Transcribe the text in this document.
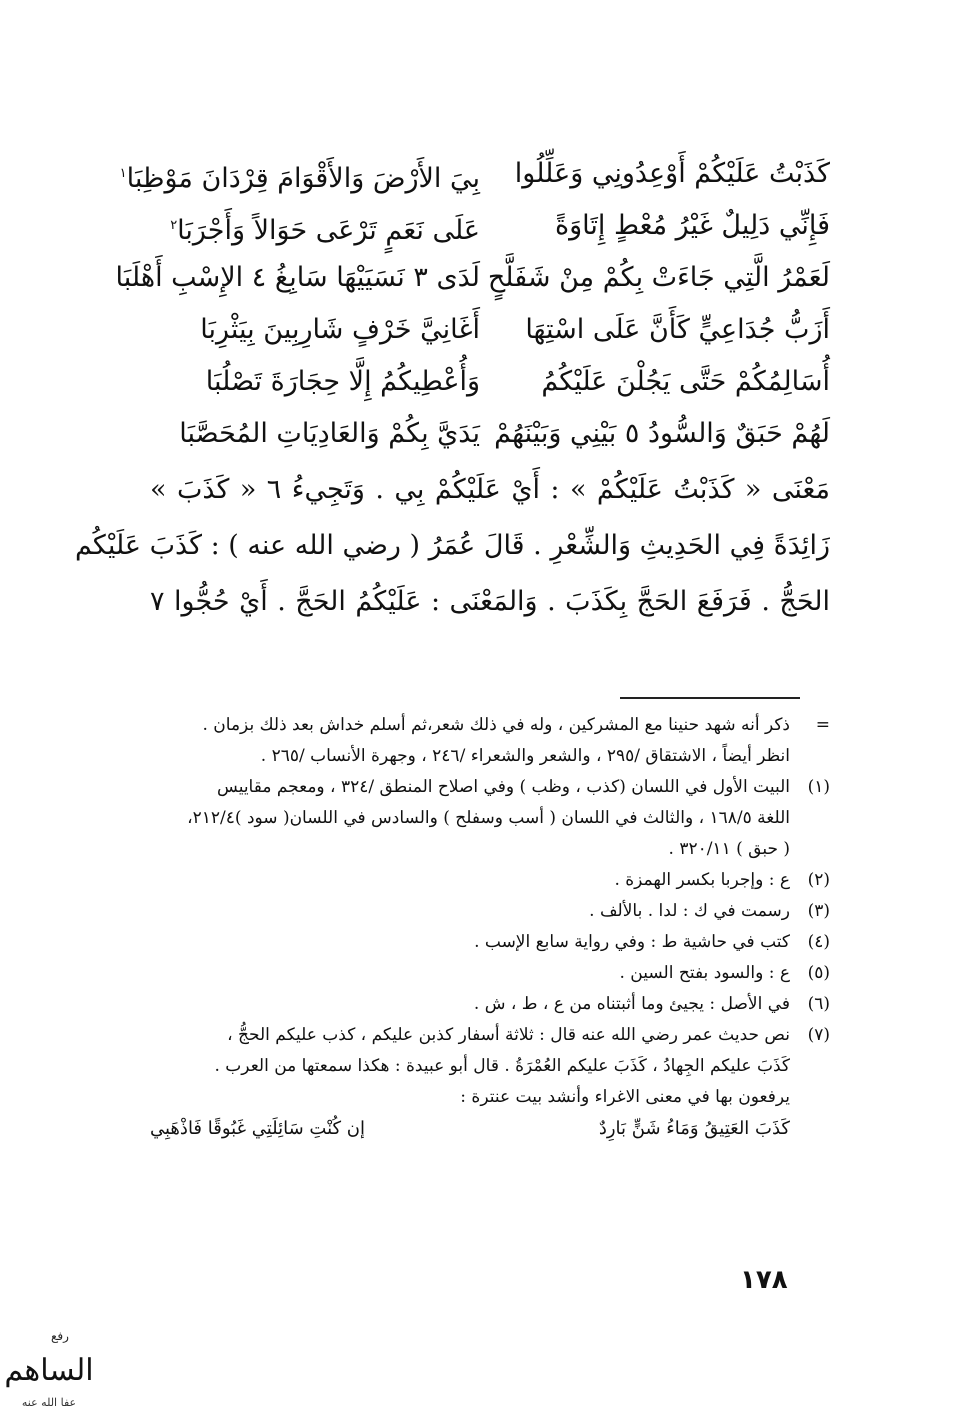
كَذَبْتُ عَلَيْكُمْ أَوْعِدُونِي وَعَلِّلُوا
بِيَ الأَرْضَ وَالأَقْوَامَ قِرْدَانَ مَوْظِبَا$^١$
فَإِنِّي دَلِيلٌ غَيْرُ مُعْطٍ إِتَاوَةً
عَلَى نَعَمٍ تَرْعَى حَوَالاً وَأَجْرَبَا$^٢$
لَعَمْرُ الَّتِي جَاءَتْ بِكُمْ مِنْ شَفَلَّحٍ
لَدَى ٣ نَسَيَيْهَا سَابِغُ ٤ الإِسْبِ أَهْلَبَا
أَزَبُّ جُدَاعِيٍّ كَأَنَّ عَلَى اسْتِهَا
أَغَانِيَّ خَرْفٍ شَارِبِينَ بِيَثْرِبَا
أُسَالِمُكُمْ حَتَّى يَجُلْنَ عَلَيْكُمُ
وَأُعْطِيكُمُ إِلَّا حِجَارَةَ تَصْلُبَا
لَهُمْ حَبَقٌ وَالسُّودُ ٥ بَيْنِي وَبَيْنَهُمْ
يَدَيَّ بِكُمْ وَالعَادِيَاتِ المُحَصَّبَا
مَعْنَى « كَذَبْتُ عَلَيْكُمْ » : أَيْ عَلَيْكُمْ بِي . وَتَجِيءُ ٦ « كَذَبَ »
زَائِدَةً فِي الحَدِيثِ وَالشِّعْرِ . قَالَ عُمَرُ ( رضي الله عنه ) : كَذَبَ عَلَيْكُم
الحَجُّ . فَرَفَعَ الحَجَّ بِكَذَبَ . وَالمَعْنَى : عَلَيْكُمُ الحَجَّ . أَيْ حُجُّوا ٧
=
ذكر أنه شهد حنينا مع المشركين ، وله في ذلك شعر،ثم أسلم خداش بعد ذلك بزمان .
انظر أيضاً ، الاشتقاق /٢٩٥ ، والشعر والشعراء /٢٤٦ ، وجهرة الأنساب /٢٦٥ .
(١)
البيت الأول في اللسان (كذب ، وظب ) وفي اصلاح المنطق /٣٢٤ ، ومعجم مقاييس
اللغة ١٦٨/٥ ، والثالث في اللسان ( أسب وسفلح ) والسادس في اللسان( سود )٢١٢/٤،
( حبق ) ٣٢٠/١١ .
(٢)
ع : وإجربا بكسر الهمزة .
(٣)
رسمت في ك : لدا . بالألف .
(٤)
كتب في حاشية ط : وفي رواية سابع الإسب .
(٥)
ع : والسود بفتح السين .
(٦)
في الأصل : يجيئ وما أثبتناه من ع ، ط ، ش .
(٧)
نص حديث عمر رضي الله عنه قال : ثلاثة أسفار كذبن عليكم ، كذب عليكم الحجُّ ،
كَذَبَ عليكم الجِهادُ ، كَذَبَ عليكم العُمْرَةُ . قال أبو عبيدة : هكذا سمعتها من العرب .
يرفعون بها في معنى الاغراء وأنشد بيت عنترة :
كَذَبَ العَتِيقُ وَمَاءُ شَنٍّ بَارِدٌ
إن كُنْتِ سَائِلَتِي غَبُوقًا فَاذْهَبِي
١٧٨
رفع
الساهم
عفا الله عنه
